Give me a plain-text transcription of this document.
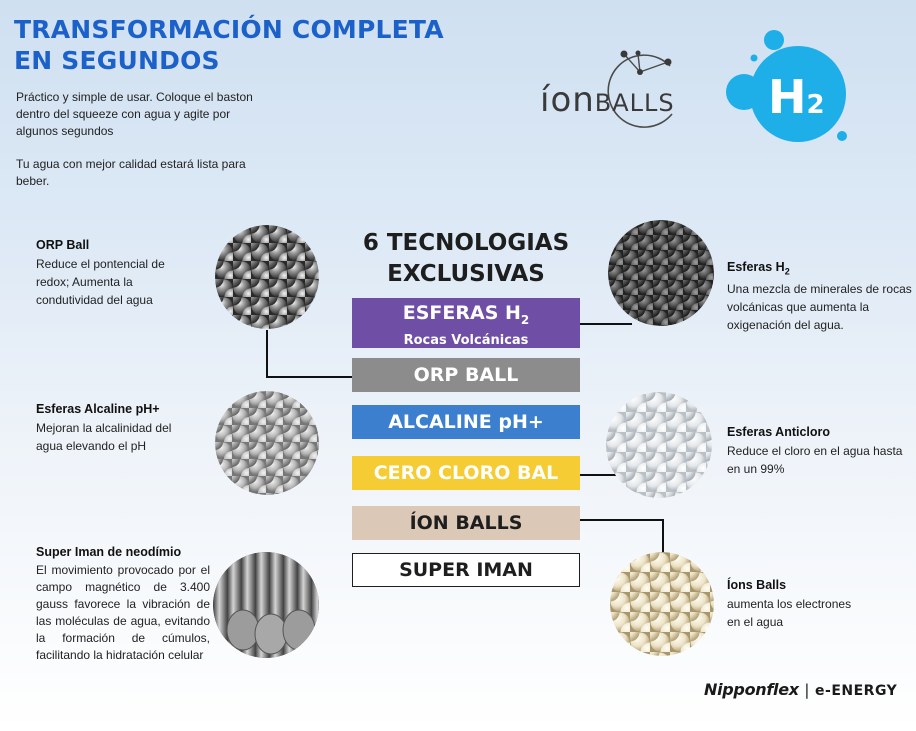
TRANSFORMACIÓN COMPLETA
EN SEGUNDOS

Práctico y simple de usar. Coloque el baston dentro del squeeze con agua y agite por algunos segundos

Tu agua con mejor calidad estará lista para beber.

íonBALLS H2
6 TECNOLOGIAS
EXCLUSIVAS
ESFERAS $H_2$
Rocas Volcánicas
ORP BALL
ALCALINE pH+
CERO CLORO BAL
ÍON BALLS
SUPER IMAN
ORP Ball
Reduce el pontencial de redox; Aumenta la condutividad del agua
Esferas Alcaline pH+
Mejoran la alcalinidad del agua elevando el pH
Super Iman de neodímio
El movimiento provocado por el campo magnético de 3.400 gauss favorece la vibración de las moléculas de agua, evitando la formación de cúmulos, facilitando la hidratación celular
Esferas $H_2$
Una mezcla de minerales de rocas volcánicas que aumenta la oxigenación del agua.
Esferas Anticloro
Reduce el cloro en el agua hasta en un 99%
Íons Balls
aumenta los electrones en el agua
Nipponflex | e-ENERGY
